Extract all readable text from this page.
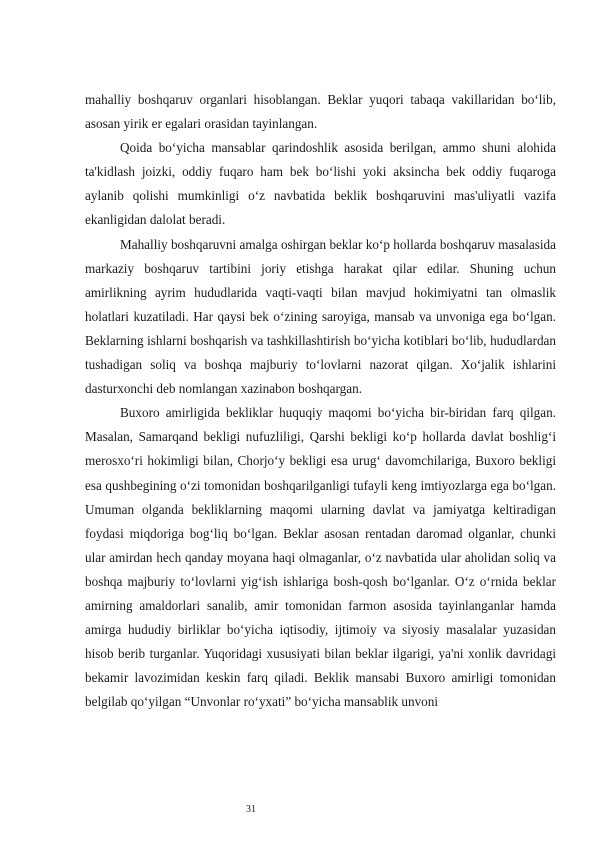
mahalliy boshqaruv organlari hisoblangan. Beklar yuqori tabaqa vakillaridan bo‘lib, asosan yirik er egalari orasidan tayinlangan.

Qoida bo‘yicha mansablar qarindoshlik asosida berilgan, ammo shuni alohida ta'kidlash joizki, oddiy fuqaro ham bek bo‘lishi yoki aksincha bek oddiy fuqaroga aylanib qolishi mumkinligi o‘z navbatida beklik boshqaruvini mas'uliyatli vazifa ekanligidan dalolat beradi.

Mahalliy boshqaruvni amalga oshirgan beklar ko‘p hollarda boshqaruv masalasida markaziy boshqaruv tartibini joriy etishga harakat qilar edilar. Shuning uchun amirlikning ayrim hududlarida vaqti-vaqti bilan mavjud hokimiyatni tan olmaslik holatlari kuzatiladi. Har qaysi bek o‘zining saroyiga, mansab va unvoniga ega bo‘lgan. Beklarning ishlarni boshqarish va tashkillashtirish bo‘yicha kotiblari bo‘lib, hududlardan tushadigan soliq va boshqa majburiy to‘lovlarni nazorat qilgan. Xo‘jalik ishlarini dasturxonchi deb nomlangan xazinabon boshqargan.

Buxoro amirligida bekliklar huquqiy maqomi bo‘yicha bir-biridan farq qilgan. Masalan, Samarqand bekligi nufuzliligi, Qarshi bekligi ko‘p hollarda davlat boshlig‘i merosxo‘ri hokimligi bilan, Chorjo‘y bekligi esa urug‘ davomchilariga, Buxoro bekligi esa qushbegining o‘zi tomonidan boshqarilganligi tufayli keng imtiyozlarga ega bo‘lgan. Umuman olganda bekliklarning maqomi ularning davlat va jamiyatga keltiradigan foydasi miqdoriga bog‘liq bo‘lgan. Beklar asosan rentadan daromad olganlar, chunki ular amirdan hech qanday moyana haqi olmaganlar, o‘z navbatida ular aholidan soliq va boshqa majburiy to‘lovlarni yig‘ish ishlariga bosh-qosh bo‘lganlar. O‘z o‘rnida beklar amirning amaldorlari sanalib, amir tomonidan farmon asosida tayinlanganlar hamda amirga hududiy birliklar bo‘yicha iqtisodiy, ijtimoiy va siyosiy masalalar yuzasidan hisob berib turganlar. Yuqoridagi xususiyati bilan beklar ilgarigi, ya'ni xonlik davridagi bekamir lavozimidan keskin farq qiladi. Beklik mansabi Buxoro amirligi tomonidan belgilab qo‘yilgan “Unvonlar ro‘yxati” bo‘yicha mansablik unvoni

31
